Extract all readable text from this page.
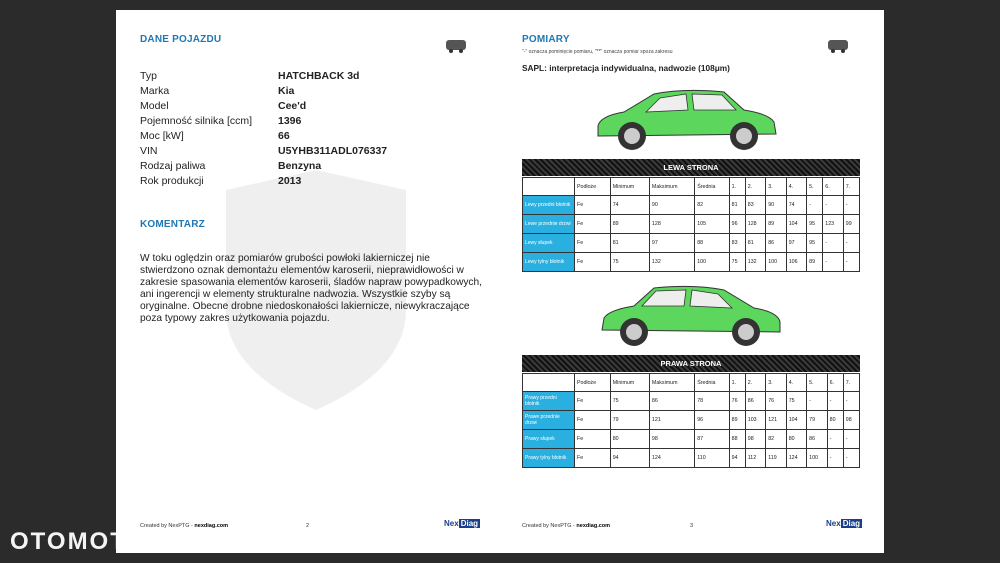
DANE POJAZDU
Typ	HATCHBACK 3d
Marka	Kia
Model	Cee'd
Pojemność silnika [ccm]	1396
Moc [kW]	66
VIN	U5YHB311ADL076337
Rodzaj paliwa	Benzyna
Rok produkcji	2013
KOMENTARZ
W toku oględzin oraz pomiarów grubości powłoki lakierniczej nie stwierdzono oznak demontażu elementów karoserii, nieprawidłowości w zakresie spasowania elementów karoserii, śladów napraw powypadkowych, ani ingerencji w elementy strukturalne nadwozia. Wszystkie szyby są oryginalne. Obecne drobne niedoskonałości lakiernicze, niewykraczające poza typowy zakres użytkowania pojazdu.
Created by NexPTG - nexdiag.com	2	Nex Diag
POMIARY
"-" oznacza pominięcie pomiaru, "**" oznacza pomiar spoza zakresu
SAPL: interpretacja indywidualna, nadwozie (108μm)
LEWA STRONA
	Podłoże	Minimum	Maksimum	Średnia	1.	2.	3.	4.	5.	6.	7.
Lewy przedni błotnik	Fe	74	90	82	81	83	90	74	-	-	-
Lewe przednie drzwi	Fe	89	128	105	96	128	89	104	95	123	99
Lewy słupek	Fe	81	97	88	83	81	86	97	95	-	-
Lewy tylny błotnik	Fe	75	132	100	75	132	100	106	89	-	-
PRAWA STRONA
	Podłoże	Minimum	Maksimum	Średnia	1.	2.	3.	4.	5.	6.	7.
Prawy przedni błotnik	Fe	75	86	78	76	86	76	75	-	-	-
Prawe przednie drzwi	Fe	79	121	96	89	103	121	104	79	80	98
Prawy słupek	Fe	80	98	87	88	98	82	80	86	-	-
Prawy tylny błotnik	Fe	94	124	110	94	112	119	124	100	-	-
Created by NexPTG - nexdiag.com	3	Nex Diag
OTOMOTO
